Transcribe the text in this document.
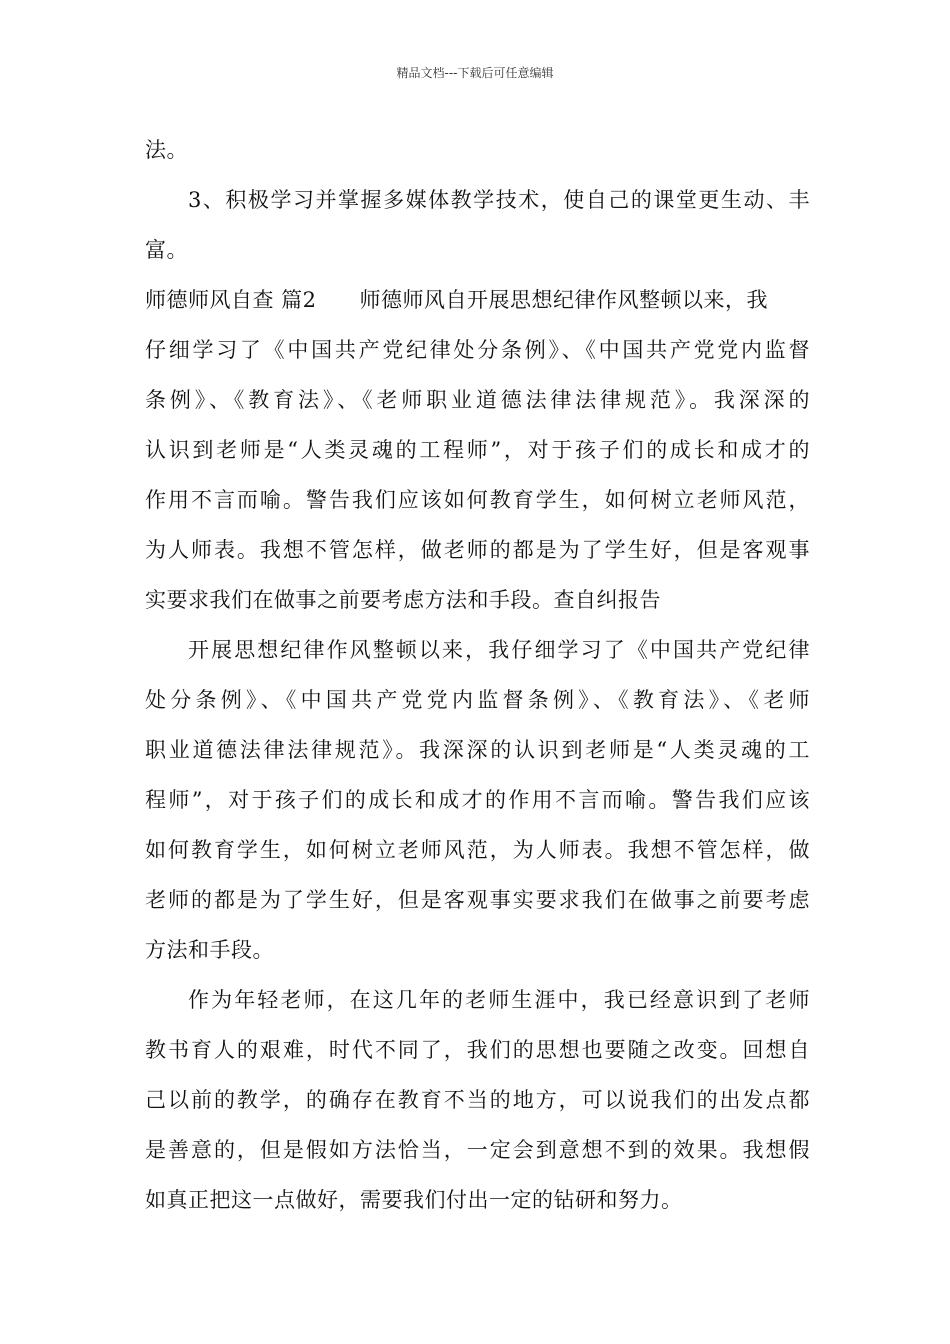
精品文档---下载后可任意编辑
法。
3、积极学习并掌握多媒体教学技术，使自己的课堂更生动、丰
富。
师德师风自查 篇2　　师德师风自开展思想纪律作风整顿以来，我
仔细学习了《中国共产党纪律处分条例》、《中国共产党党内监督
条例》、《教育法》、《老师职业道德法律法律规范》。我深深的
认识到老师是“人类灵魂的工程师”，对于孩子们的成长和成才的
作用不言而喻。警告我们应该如何教育学生，如何树立老师风范，
为人师表。我想不管怎样，做老师的都是为了学生好，但是客观事
实要求我们在做事之前要考虑方法和手段。查自纠报告
开展思想纪律作风整顿以来，我仔细学习了《中国共产党纪律
处分条例》、《中国共产党党内监督条例》、《教育法》、《老师
职业道德法律法律规范》。我深深的认识到老师是“人类灵魂的工
程师”，对于孩子们的成长和成才的作用不言而喻。警告我们应该
如何教育学生，如何树立老师风范，为人师表。我想不管怎样，做
老师的都是为了学生好，但是客观事实要求我们在做事之前要考虑
方法和手段。
作为年轻老师，在这几年的老师生涯中，我已经意识到了老师
教书育人的艰难，时代不同了，我们的思想也要随之改变。回想自
己以前的教学，的确存在教育不当的地方，可以说我们的出发点都
是善意的，但是假如方法恰当，一定会到意想不到的效果。我想假
如真正把这一点做好，需要我们付出一定的钻研和努力。
